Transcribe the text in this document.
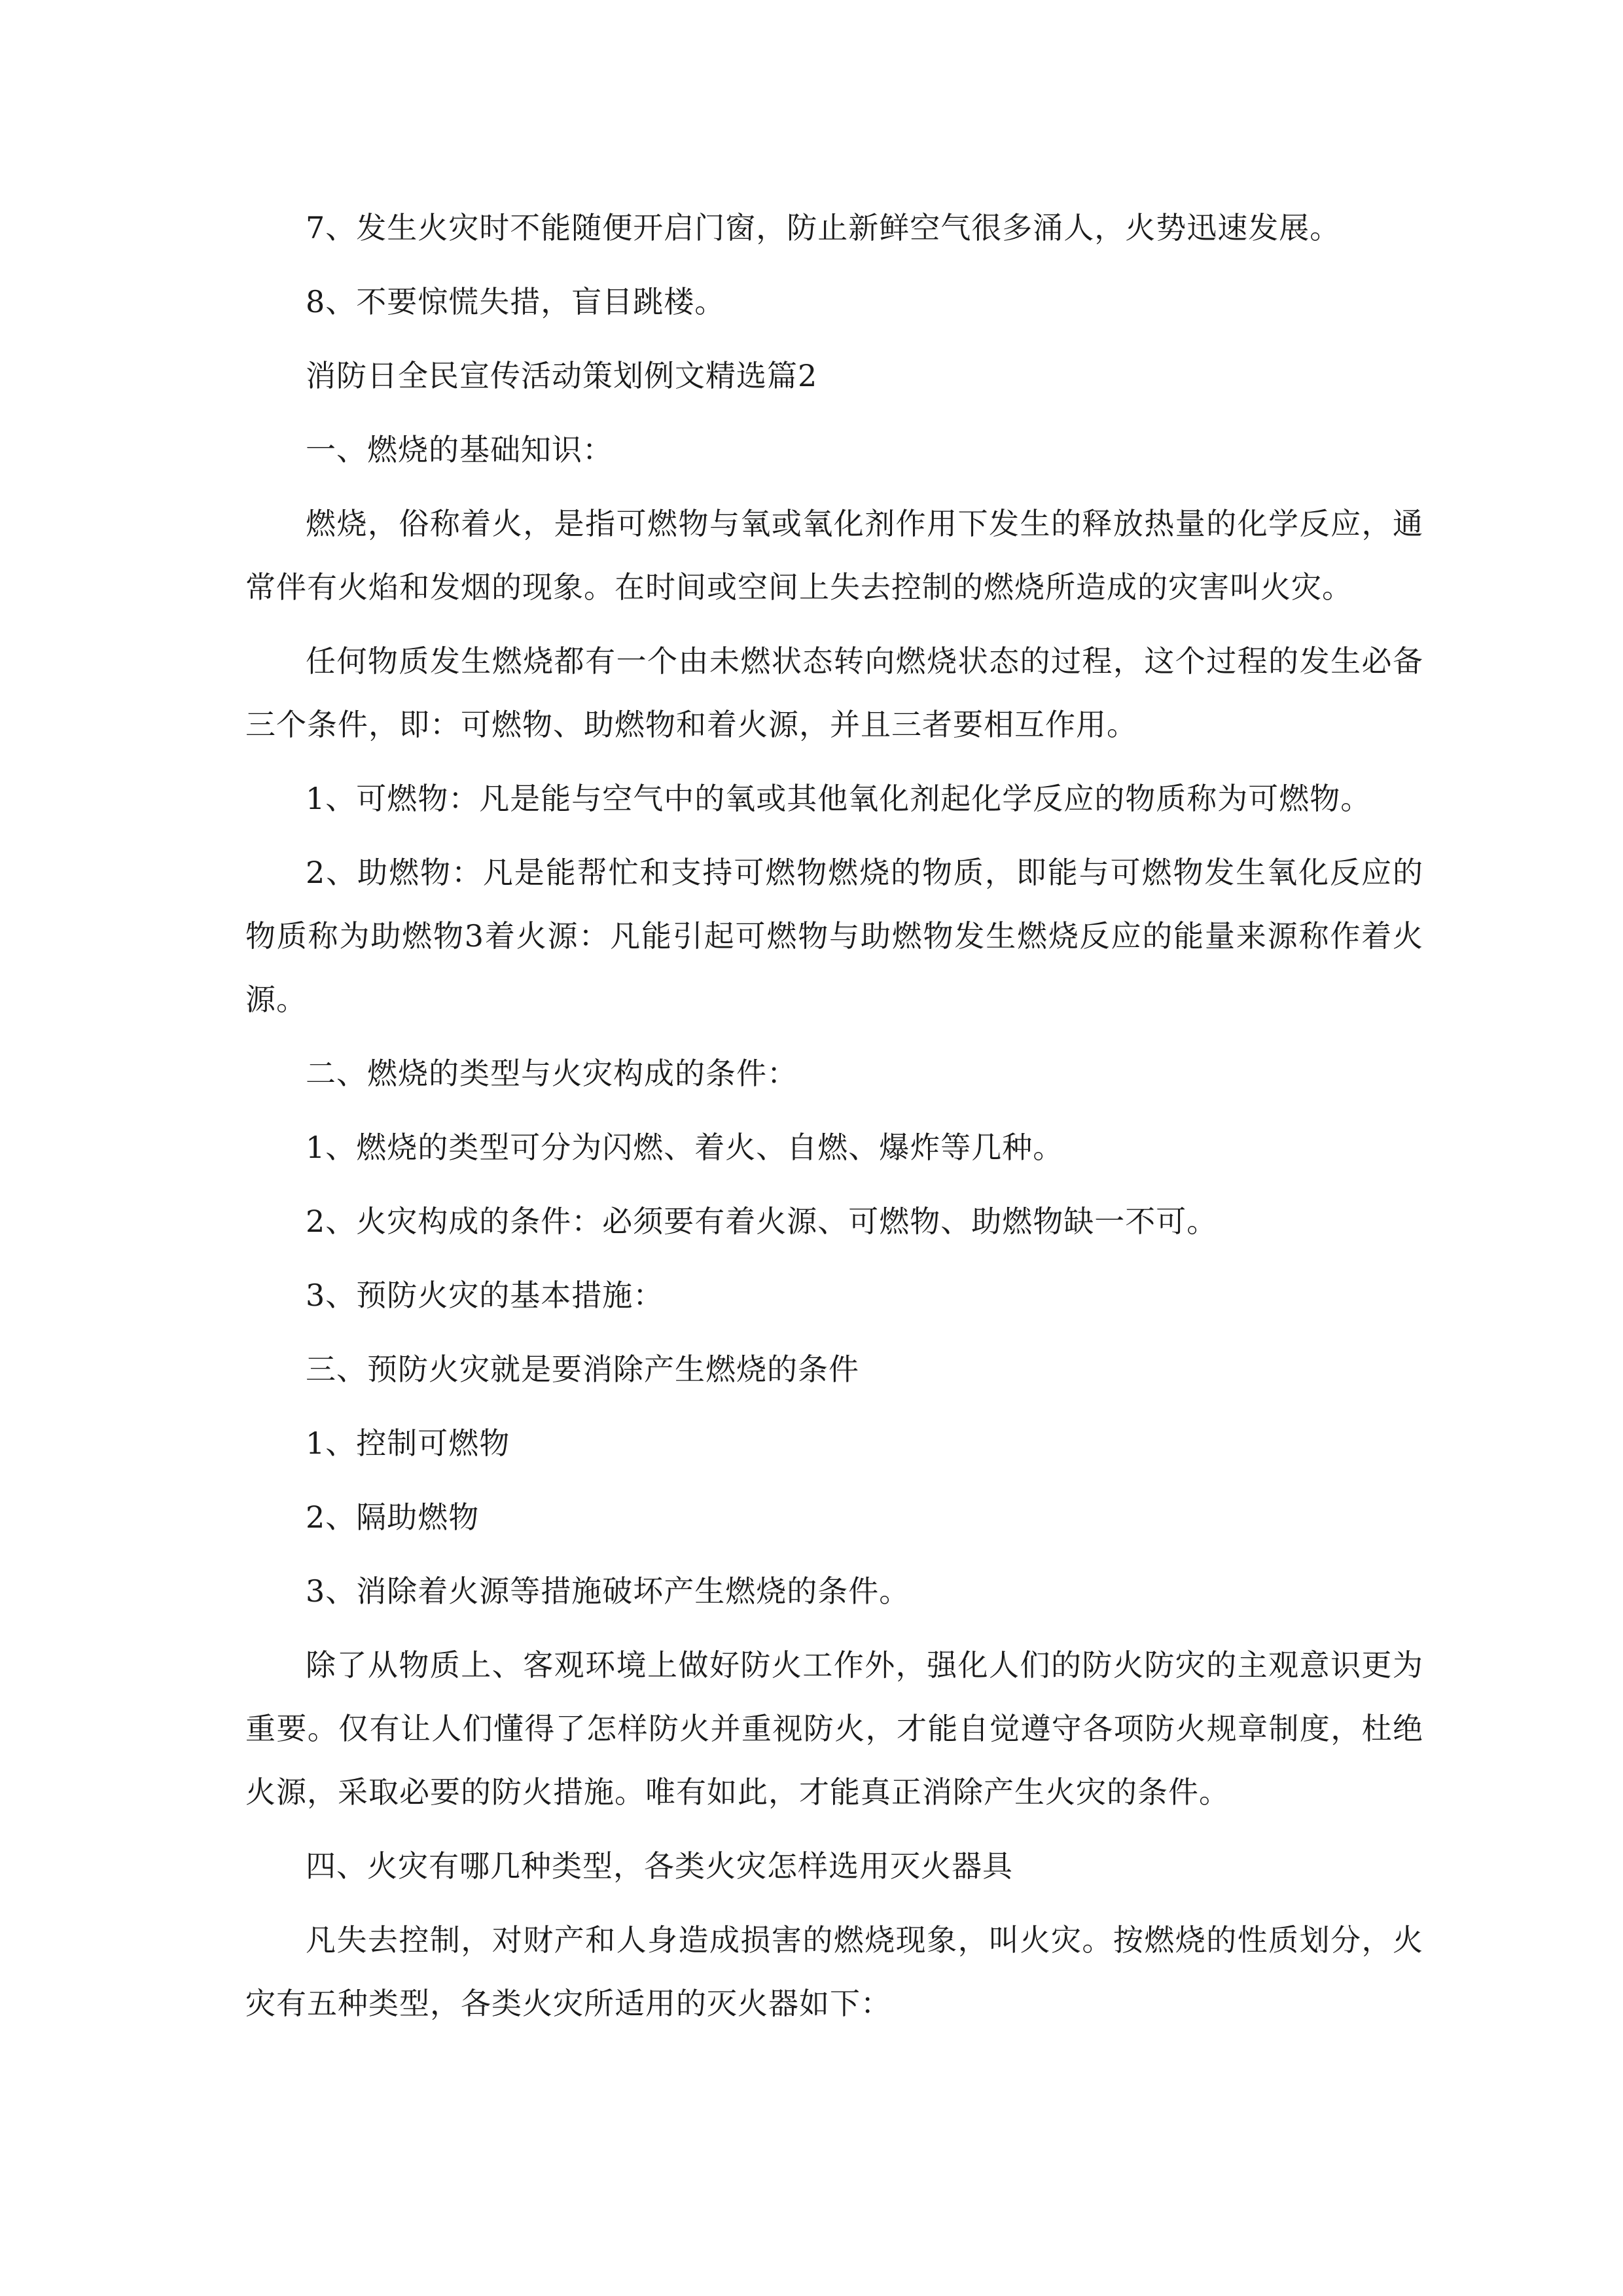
7、发生火灾时不能随便开启门窗，防止新鲜空气很多涌人，火势迅速发展。

8、不要惊慌失措，盲目跳楼。

消防日全民宣传活动策划例文精选篇2

一、燃烧的基础知识：

燃烧，俗称着火，是指可燃物与氧或氧化剂作用下发生的释放热量的化学反应，通常伴有火焰和发烟的现象。在时间或空间上失去控制的燃烧所造成的灾害叫火灾。

任何物质发生燃烧都有一个由未燃状态转向燃烧状态的过程，这个过程的发生必备三个条件，即：可燃物、助燃物和着火源，并且三者要相互作用。

1、可燃物：凡是能与空气中的氧或其他氧化剂起化学反应的物质称为可燃物。

2、助燃物：凡是能帮忙和支持可燃物燃烧的物质，即能与可燃物发生氧化反应的物质称为助燃物3着火源：凡能引起可燃物与助燃物发生燃烧反应的能量来源称作着火源。

二、燃烧的类型与火灾构成的条件：

1、燃烧的类型可分为闪燃、着火、自燃、爆炸等几种。

2、火灾构成的条件：必须要有着火源、可燃物、助燃物缺一不可。

3、预防火灾的基本措施：

三、预防火灾就是要消除产生燃烧的条件

1、控制可燃物

2、隔助燃物

3、消除着火源等措施破坏产生燃烧的条件。

除了从物质上、客观环境上做好防火工作外，强化人们的防火防灾的主观意识更为重要。仅有让人们懂得了怎样防火并重视防火，才能自觉遵守各项防火规章制度，杜绝火源，采取必要的防火措施。唯有如此，才能真正消除产生火灾的条件。

四、火灾有哪几种类型，各类火灾怎样选用灭火器具

凡失去控制，对财产和人身造成损害的燃烧现象，叫火灾。按燃烧的性质划分，火灾有五种类型，各类火灾所适用的灭火器如下：
